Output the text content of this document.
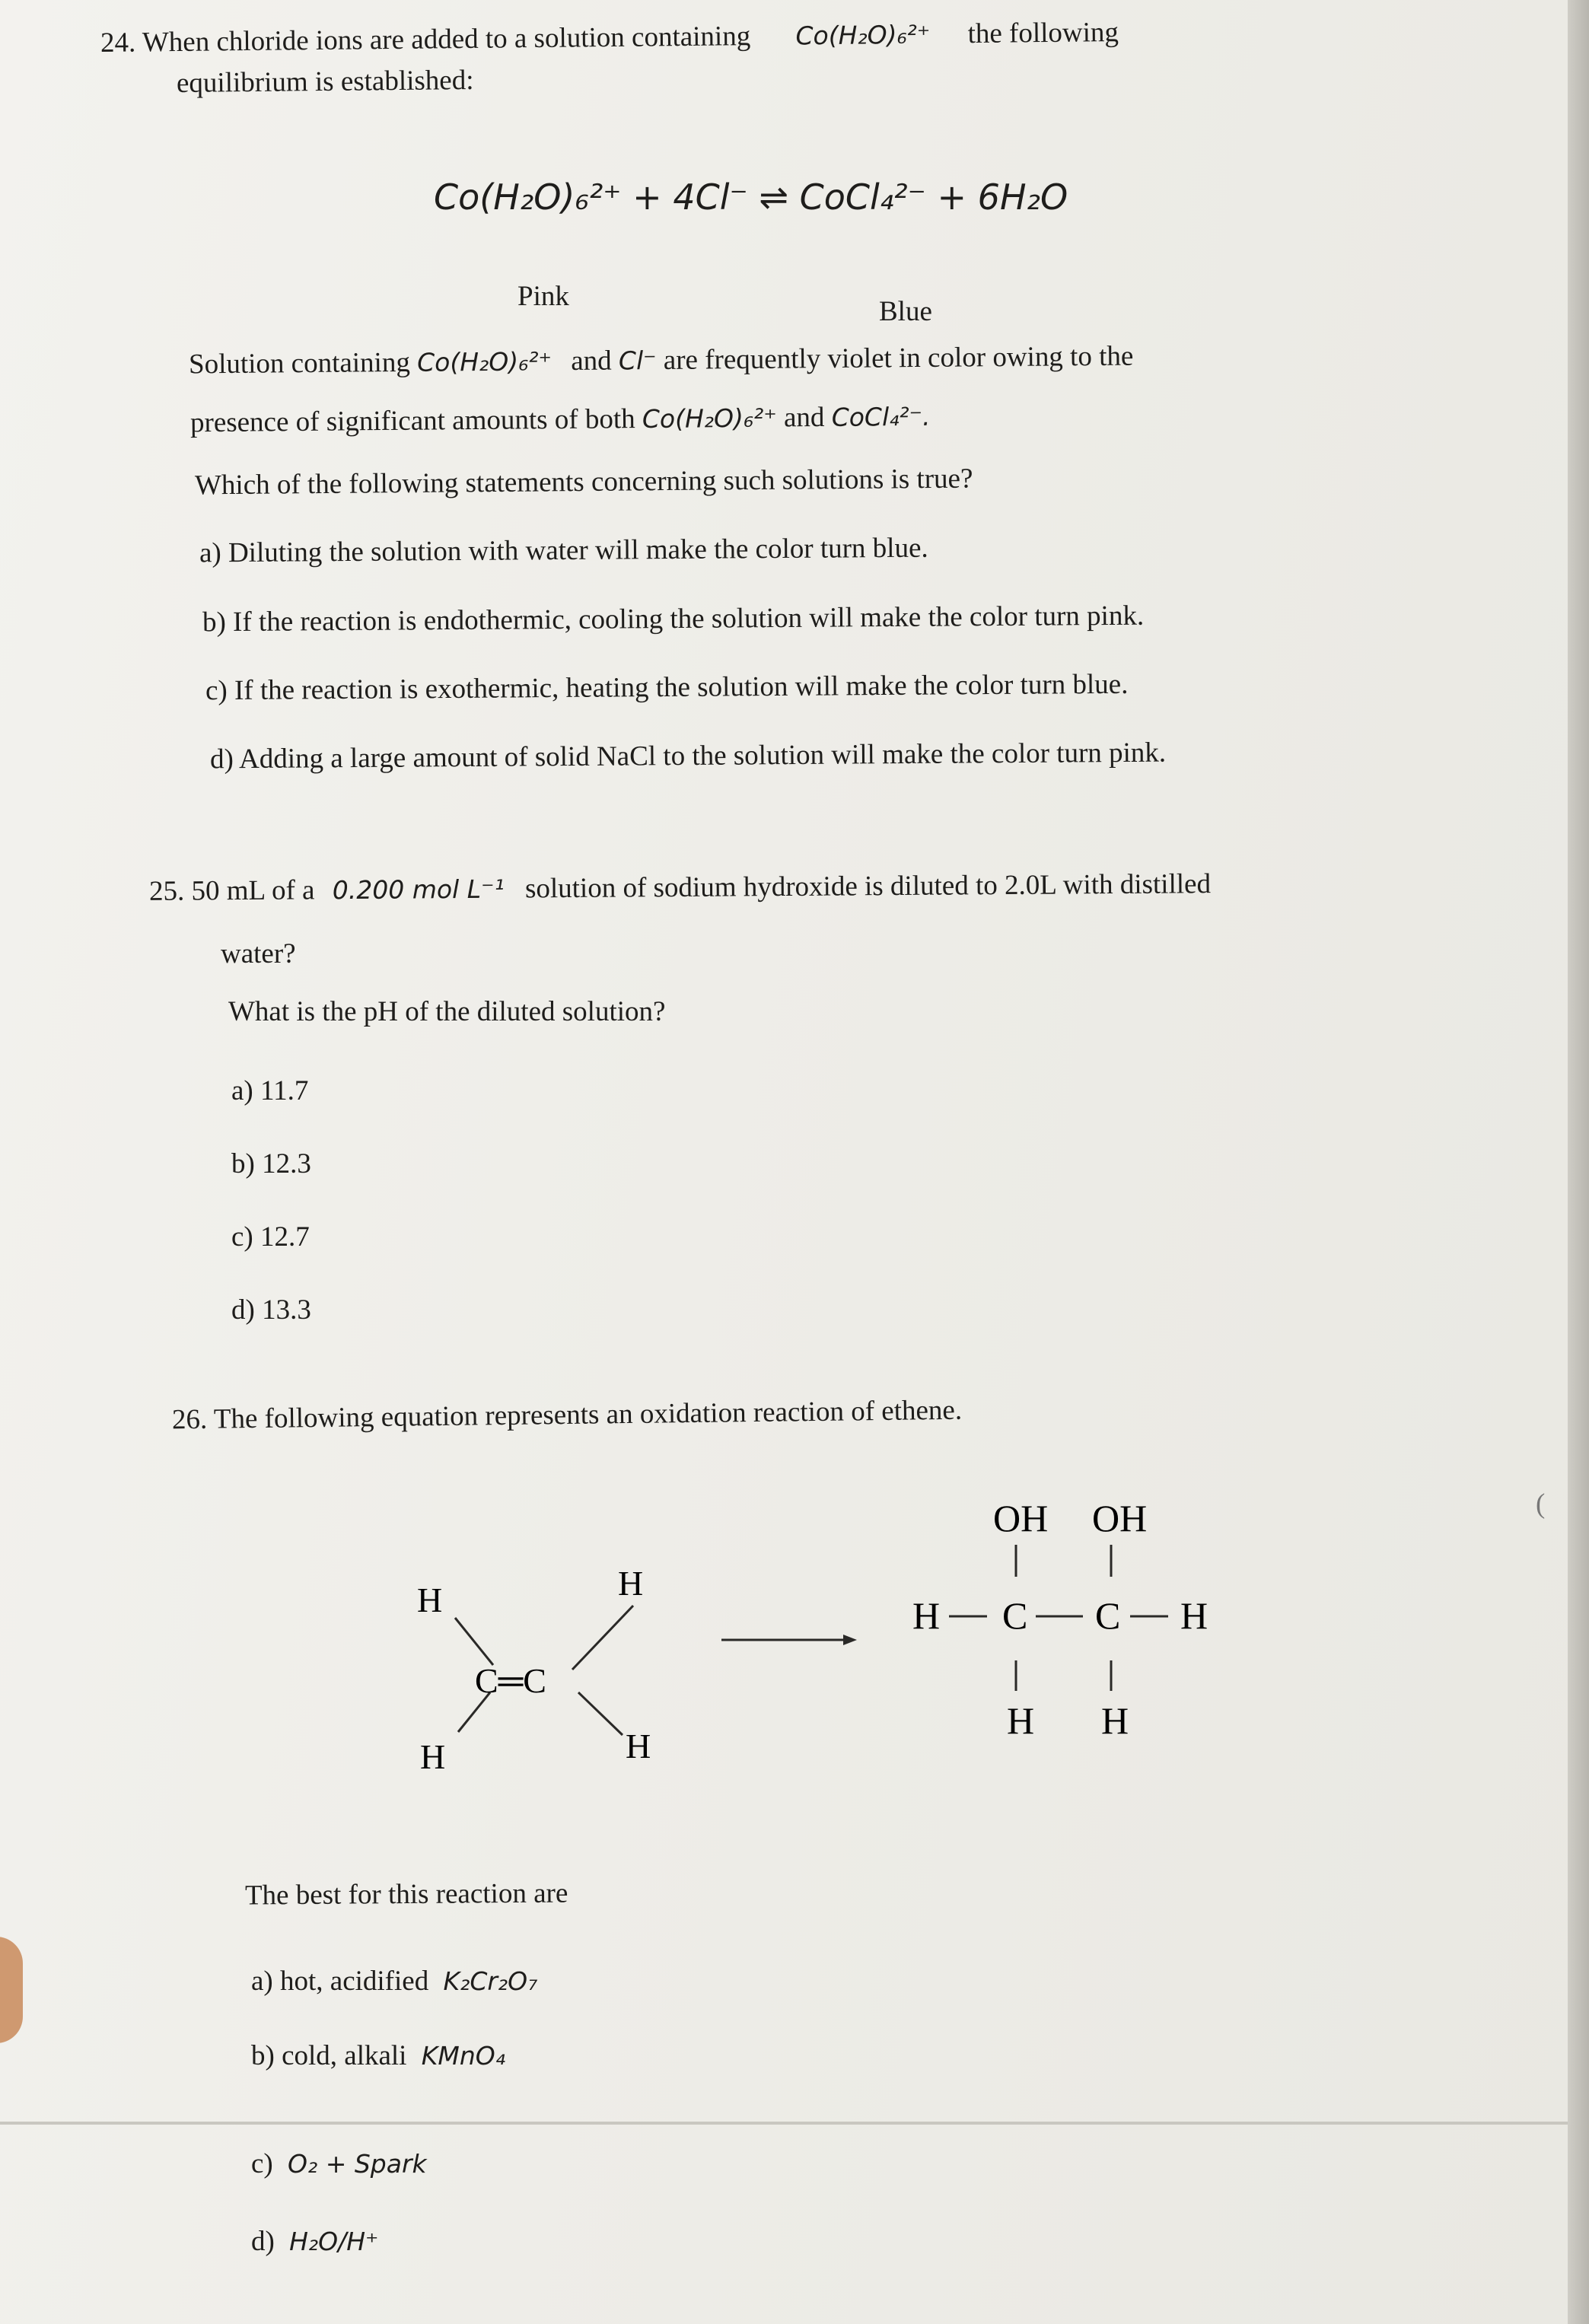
24. When chloride ions are added to a solution containing Co(H₂O)₆²⁺ the following
equilibrium is established:
Co(H₂O)₆²⁺ + 4Cl⁻ ⇌ CoCl₄²⁻ + 6H₂O
Pink	Blue
Solution containing Co(H₂O)₆²⁺ and Cl⁻ are frequently violet in color owing to the
presence of significant amounts of both Co(H₂O)₆²⁺ and CoCl₄²⁻.
Which of the following statements concerning such solutions is true?
a) Diluting the solution with water will make the color turn blue.
b) If the reaction is endothermic, cooling the solution will make the color turn pink.
c) If the reaction is exothermic, heating the solution will make the color turn blue.
d) Adding a large amount of solid NaCl to the solution will make the color turn pink.
25. 50 mL of a 0.200 mol L⁻¹ solution of sodium hydroxide is diluted to 2.0L with distilled
water?
What is the pH of the diluted solution?
a) 11.7
b) 12.3
c) 12.7
d) 13.3
26. The following equation represents an oxidation reaction of ethene.
(
H	H
H	H
C═C
OH OH
H C C H
H H
The best for this reaction are
a) hot, acidified K₂Cr₂O₇
b) cold, alkali KMnO₄
c) O₂ + Spark
d) H₂O/H⁺
